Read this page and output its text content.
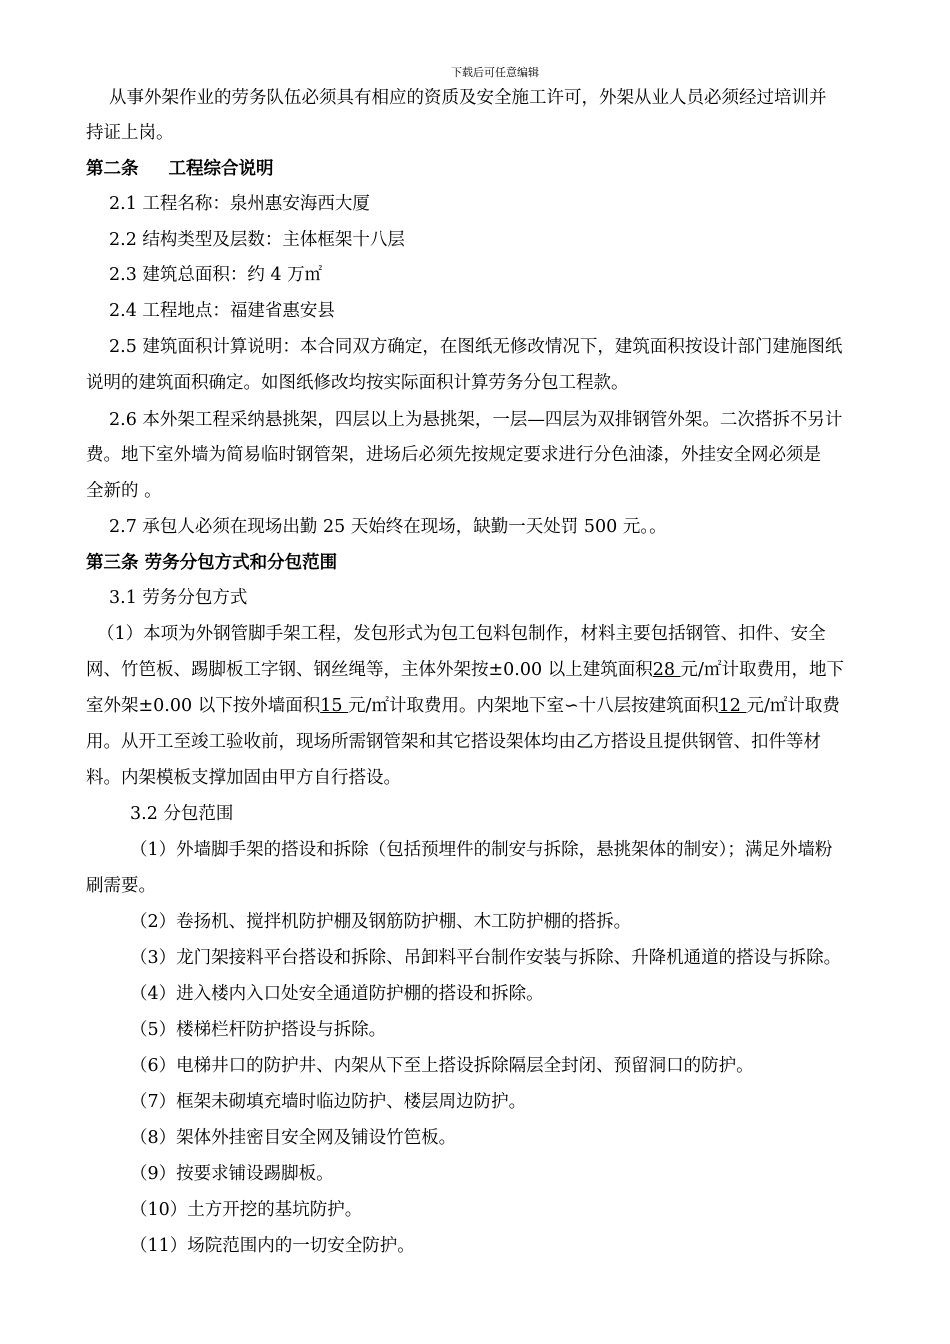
下载后可任意编辑
从事外架作业的劳务队伍必须具有相应的资质及安全施工许可，外架从业人员必须经过培训并
持证上岗。
第二条 工程综合说明
2.1 工程名称：泉州惠安海西大厦
2.2 结构类型及层数：主体框架十八层
2.3 建筑总面积：约 4 万㎡
2.4 工程地点：福建省惠安县
2.5 建筑面积计算说明：本合同双方确定，在图纸无修改情况下，建筑面积按设计部门建施图纸
说明的建筑面积确定。如图纸修改均按实际面积计算劳务分包工程款。
2.6 本外架工程采纳悬挑架，四层以上为悬挑架，一层—四层为双排钢管外架。二次搭拆不另计
费。地下室外墙为简易临时钢管架，进场后必须先按规定要求进行分色油漆，外挂安全网必须是
全新的 。
2.7 承包人必须在现场出勤 25 天始终在现场，缺勤一天处罚 500 元。。
第三条 劳务分包方式和分包范围
3.1 劳务分包方式
（1）本项为外钢管脚手架工程，发包形式为包工包料包制作，材料主要包括钢管、扣件、安全
网、竹笆板、踢脚板工字钢、钢丝绳等，主体外架按±0.00 以上建筑面积28 元/㎡计取费用，地下
室外架±0.00 以下按外墙面积15 元/㎡计取费用。内架地下室∽十八层按建筑面积12 元/㎡计取费
用。从开工至竣工验收前，现场所需钢管架和其它搭设架体均由乙方搭设且提供钢管、扣件等材
料。内架模板支撑加固由甲方自行搭设。
3.2 分包范围
（1）外墙脚手架的搭设和拆除（包括预埋件的制安与拆除，悬挑架体的制安）；满足外墙粉
刷需要。
（2）卷扬机、搅拌机防护棚及钢筋防护棚、木工防护棚的搭拆。
（3）龙门架接料平台搭设和拆除、吊卸料平台制作安装与拆除、升降机通道的搭设与拆除。
（4）进入楼内入口处安全通道防护棚的搭设和拆除。
（5）楼梯栏杆防护搭设与拆除。
（6）电梯井口的防护井、内架从下至上搭设拆除隔层全封闭、预留洞口的防护。
（7）框架未砌填充墙时临边防护、楼层周边防护。
（8）架体外挂密目安全网及铺设竹笆板。
（9）按要求铺设踢脚板。
（10）土方开挖的基坑防护。
（11）场院范围内的一切安全防护。
